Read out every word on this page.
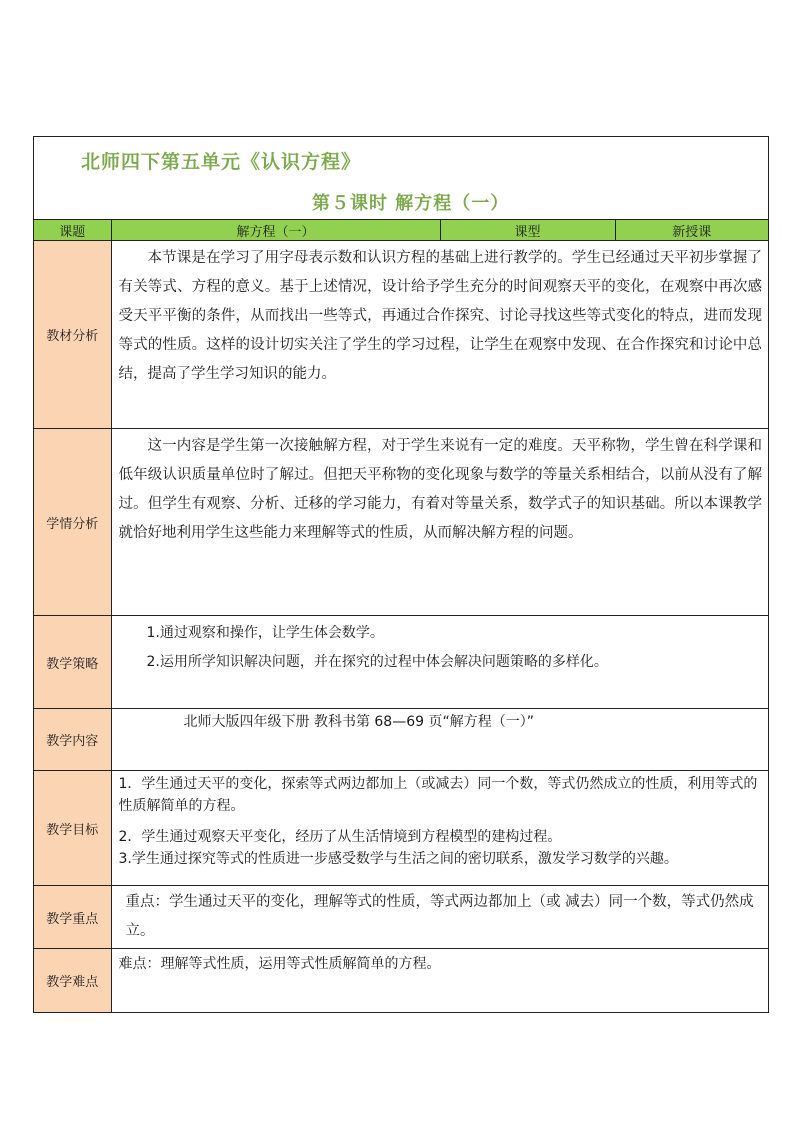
北师四下第五单元《认识方程》
第５课时 解方程（一）
课题	解方程（一）	课型	新授课
教材分析	本节课是在学习了用字母表示数和认识方程的基础上进行教学的。学生已经通过天平初步掌握了有关等式、方程的意义。基于上述情况，设计给予学生充分的时间观察天平的变化，在观察中再次感受天平平衡的条件，从而找出一些等式，再通过合作探究、讨论寻找这些等式变化的特点，进而发现等式的性质。这样的设计切实关注了学生的学习过程，让学生在观察中发现、在合作探究和讨论中总结，提高了学生学习知识的能力。		

学情分析	这一内容是学生第一次接触解方程，对于学生来说有一定的难度。天平称物，学生曾在科学课和低年级认识质量单位时了解过。但把天平称物的变化现象与数学的等量关系相结合，以前从没有了解过。但学生有观察、分析、迁移的学习能力，有着对等量关系，数学式子的知识基础。所以本课教学就恰好地利用学生这些能力来理解等式的性质，从而解决解方程的问题。		

教学策略	1.通过观察和操作，让学生体会数学。
2.运用所学知识解决问题，并在探究的过程中体会解决问题策略的多样化。		

教学内容	北师大版四年级下册 教科书第 68—69 页“解方程（一）”		

教学目标	1．学生通过天平的变化，探索等式两边都加上（或减去）同一个数，等式仍然成立的性质，利用等式的性质解简单的方程。

2．学生通过观察天平变化，经历了从生活情境到方程模型的建构过程。

3.学生通过探究等式的性质进一步感受数学与生活之间的密切联系，激发学习数学的兴趣。		

教学重点	重点：学生通过天平的变化，理解等式的性质，等式两边都加上（或 减去）同一个数，等式仍然成立。		

教学难点	难点：理解等式性质，运用等式性质解简单的方程。		
